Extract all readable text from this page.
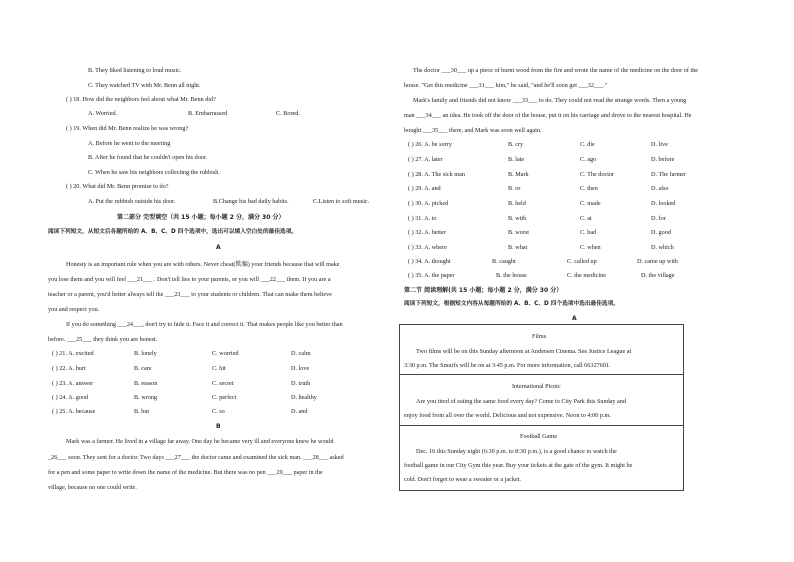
B. They liked listening to loud music.
C. They watched TV with Mr. Benn all night.
( ) 18. How did the neighbors feel about what Mr. Benn did?
A. Worried.	B. Embarrassed	C. Bored.
( ) 19. When did Mr. Benn realize he was wrong?
A. Before he went to the meeting
B. After he found that he couldn't open his door.
C. When he saw his neighbors collecting the rubbish.
( ) 20. What did Mr. Benn promise to do?
A. Put the rubbish outside his door.	B.Change his bad daily habits.	C.Listen to soft music.
第二部分 完型填空（共 15 小题；每小题 2 分，满分 30 分）
阅读下列短文，从短文后各题所给的 A、B、C、D 四个选项中，选出可以填入空白处的最佳选项。
A
Honesty is an important rule when you are with others. Never cheat(欺骗) your friends because that will make
you lose them and you will feel ___21___ . Don't tell lies to your parents, or you will ___22___ them. If you are a
teacher or a parent, you'd better always tell the ___23___ to your students or children. That can make them believe
you and respect you.
If you do something ___24___, don't try to hide it. Face it and correct it. That makes people like you better than
before. ___25___ they think you are honest.
( ) 21. A. excited	B. lonely	C. worried	D. calm
( ) 22. A. hurt	B. care	C. hit	D. love
( ) 23. A. answer	B. reason	C. secret	D. truth
( ) 24. A. good	B. wrong	C. perfect	D. healthy
( ) 25. A. because	B. but	C. so	D. and
B
Mark was a farmer. He lived in a village far away. One day he became very ill and everyone knew he would
_26___ soon. They sent for a doctor. Two days ___27___ the doctor came and examined the sick man. ___28___ asked
for a pen and some paper to write down the name of the medicine. But there was no pen ___29___ paper in the
village, because no one could write.
The doctor ___30___ up a piece of burnt wood from the fire and wrote the name of the medicine on the door of the
house. "Get this medicine ___31___ him," he said, "and he'll soon get ___32___."
Mark's family and friends did not know ___33___ to do. They could not read the strange words. Then a young
man ___34___ an idea. He took off the door of the house, put it on his carriage and drove to the nearest hospital. He
bought ___35___ there, and Mark was soon well again.
( ) 26. A. be sorry	B. cry	C. die	D. live
( ) 27. A. later	B. late	C. ago	D. before
( ) 28. A. The sick man	B. Mark	C. The doctor	D. The farmer
( ) 29. A. and	B. or	C. then	D. also
( ) 30. A. picked	B. held	C. made	D. looked
( ) 31. A. to	B. with	C. at	D. for
( ) 32. A. better	B. worst	C. bad	D. good
( ) 33. A. where	B. what	C. when	D. which
( ) 34. A. thought	B. caught	C. called up	D. came up with
( ) 35. A. the paper	B. the house	C. the medicine	D. the village
第二节 阅读理解(共 15 小题；每小题 2 分，满分 30 分）
阅读下列短文，根据短文内容从每题所给的 A、B、C、D 四个选项中选出最佳选项。
A
Films
Two films will be on this Sunday afternoon at Andersen Cinema. See Justice League at
3:30 p.m. The Smurfs will be on at 3:45 p.m. For more information, call 66327601.
International Picnic
Are you tired of eating the same food every day? Come to City Park this Sunday and
enjoy food from all over the world. Delicious and not expensive. Noon to 4:00 p.m.
Football Game
Dec. 16 this Sunday night (6:30 p.m. to 8:30 p.m.), is a good chance to watch the
football game in our City Gym this year. Buy your tickets at the gate of the gym. It might be
cold. Don't forget to wear a sweater or a jacket.
